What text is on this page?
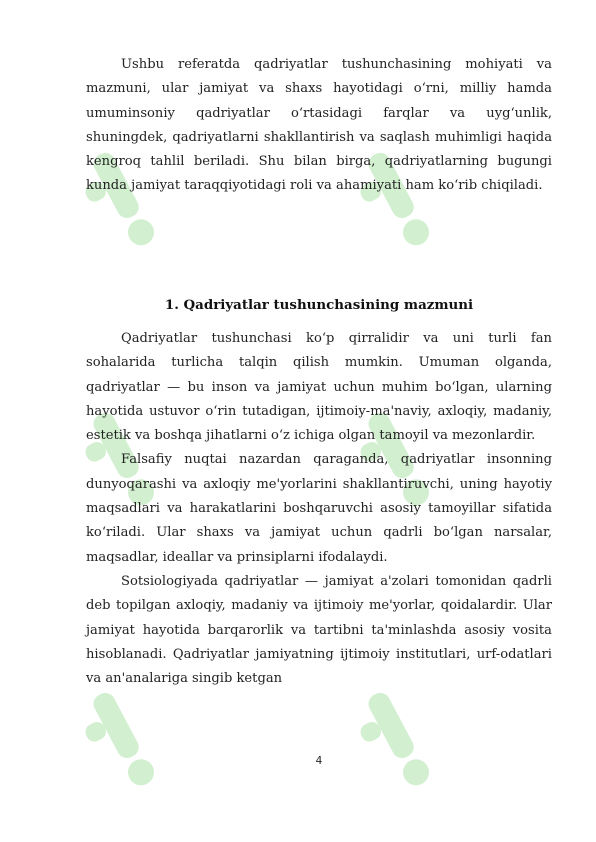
Ushbu referatda qadriyatlar tushunchasining mohiyati va mazmuni, ular jamiyat va shaxs hayotidagi o‘rni, milliy hamda umuminsoniy qadriyatlar o‘rtasidagi farqlar va uyg‘unlik, shuningdek, qadriyatlarni shakllantirish va saqlash muhimligi haqida kengroq tahlil beriladi. Shu bilan birga, qadriyatlarning bugungi kunda jamiyat taraqqiyotidagi roli va ahamiyati ham ko‘rib chiqiladi.

1. Qadriyatlar tushunchasining mazmuni

Qadriyatlar tushunchasi ko‘p qirralidir va uni turli fan sohalarida turlicha talqin qilish mumkin. Umuman olganda, qadriyatlar — bu inson va jamiyat uchun muhim bo‘lgan, ularning hayotida ustuvor o‘rin tutadigan, ijtimoiy-ma'naviy, axloqiy, madaniy, estetik va boshqa jihatlarni o‘z ichiga olgan tamoyil va mezonlardir.

Falsafiy nuqtai nazardan qaraganda, qadriyatlar insonning dunyoqarashi va axloqiy me'yorlarini shakllantiruvchi, uning hayotiy maqsadlari va harakatlarini boshqaruvchi asosiy tamoyillar sifatida ko‘riladi. Ular shaxs va jamiyat uchun qadrli bo‘lgan narsalar, maqsadlar, ideallar va prinsiplarni ifodalaydi.

Sotsiologiyada qadriyatlar — jamiyat a'zolari tomonidan qadrli deb topilgan axloqiy, madaniy va ijtimoiy me'yorlar, qoidalardir. Ular jamiyat hayotida barqarorlik va tartibni ta'minlashda asosiy vosita hisoblanadi. Qadriyatlar jamiyatning ijtimoiy institutlari, urf-odatlari va an'analariga singib ketgan

4
